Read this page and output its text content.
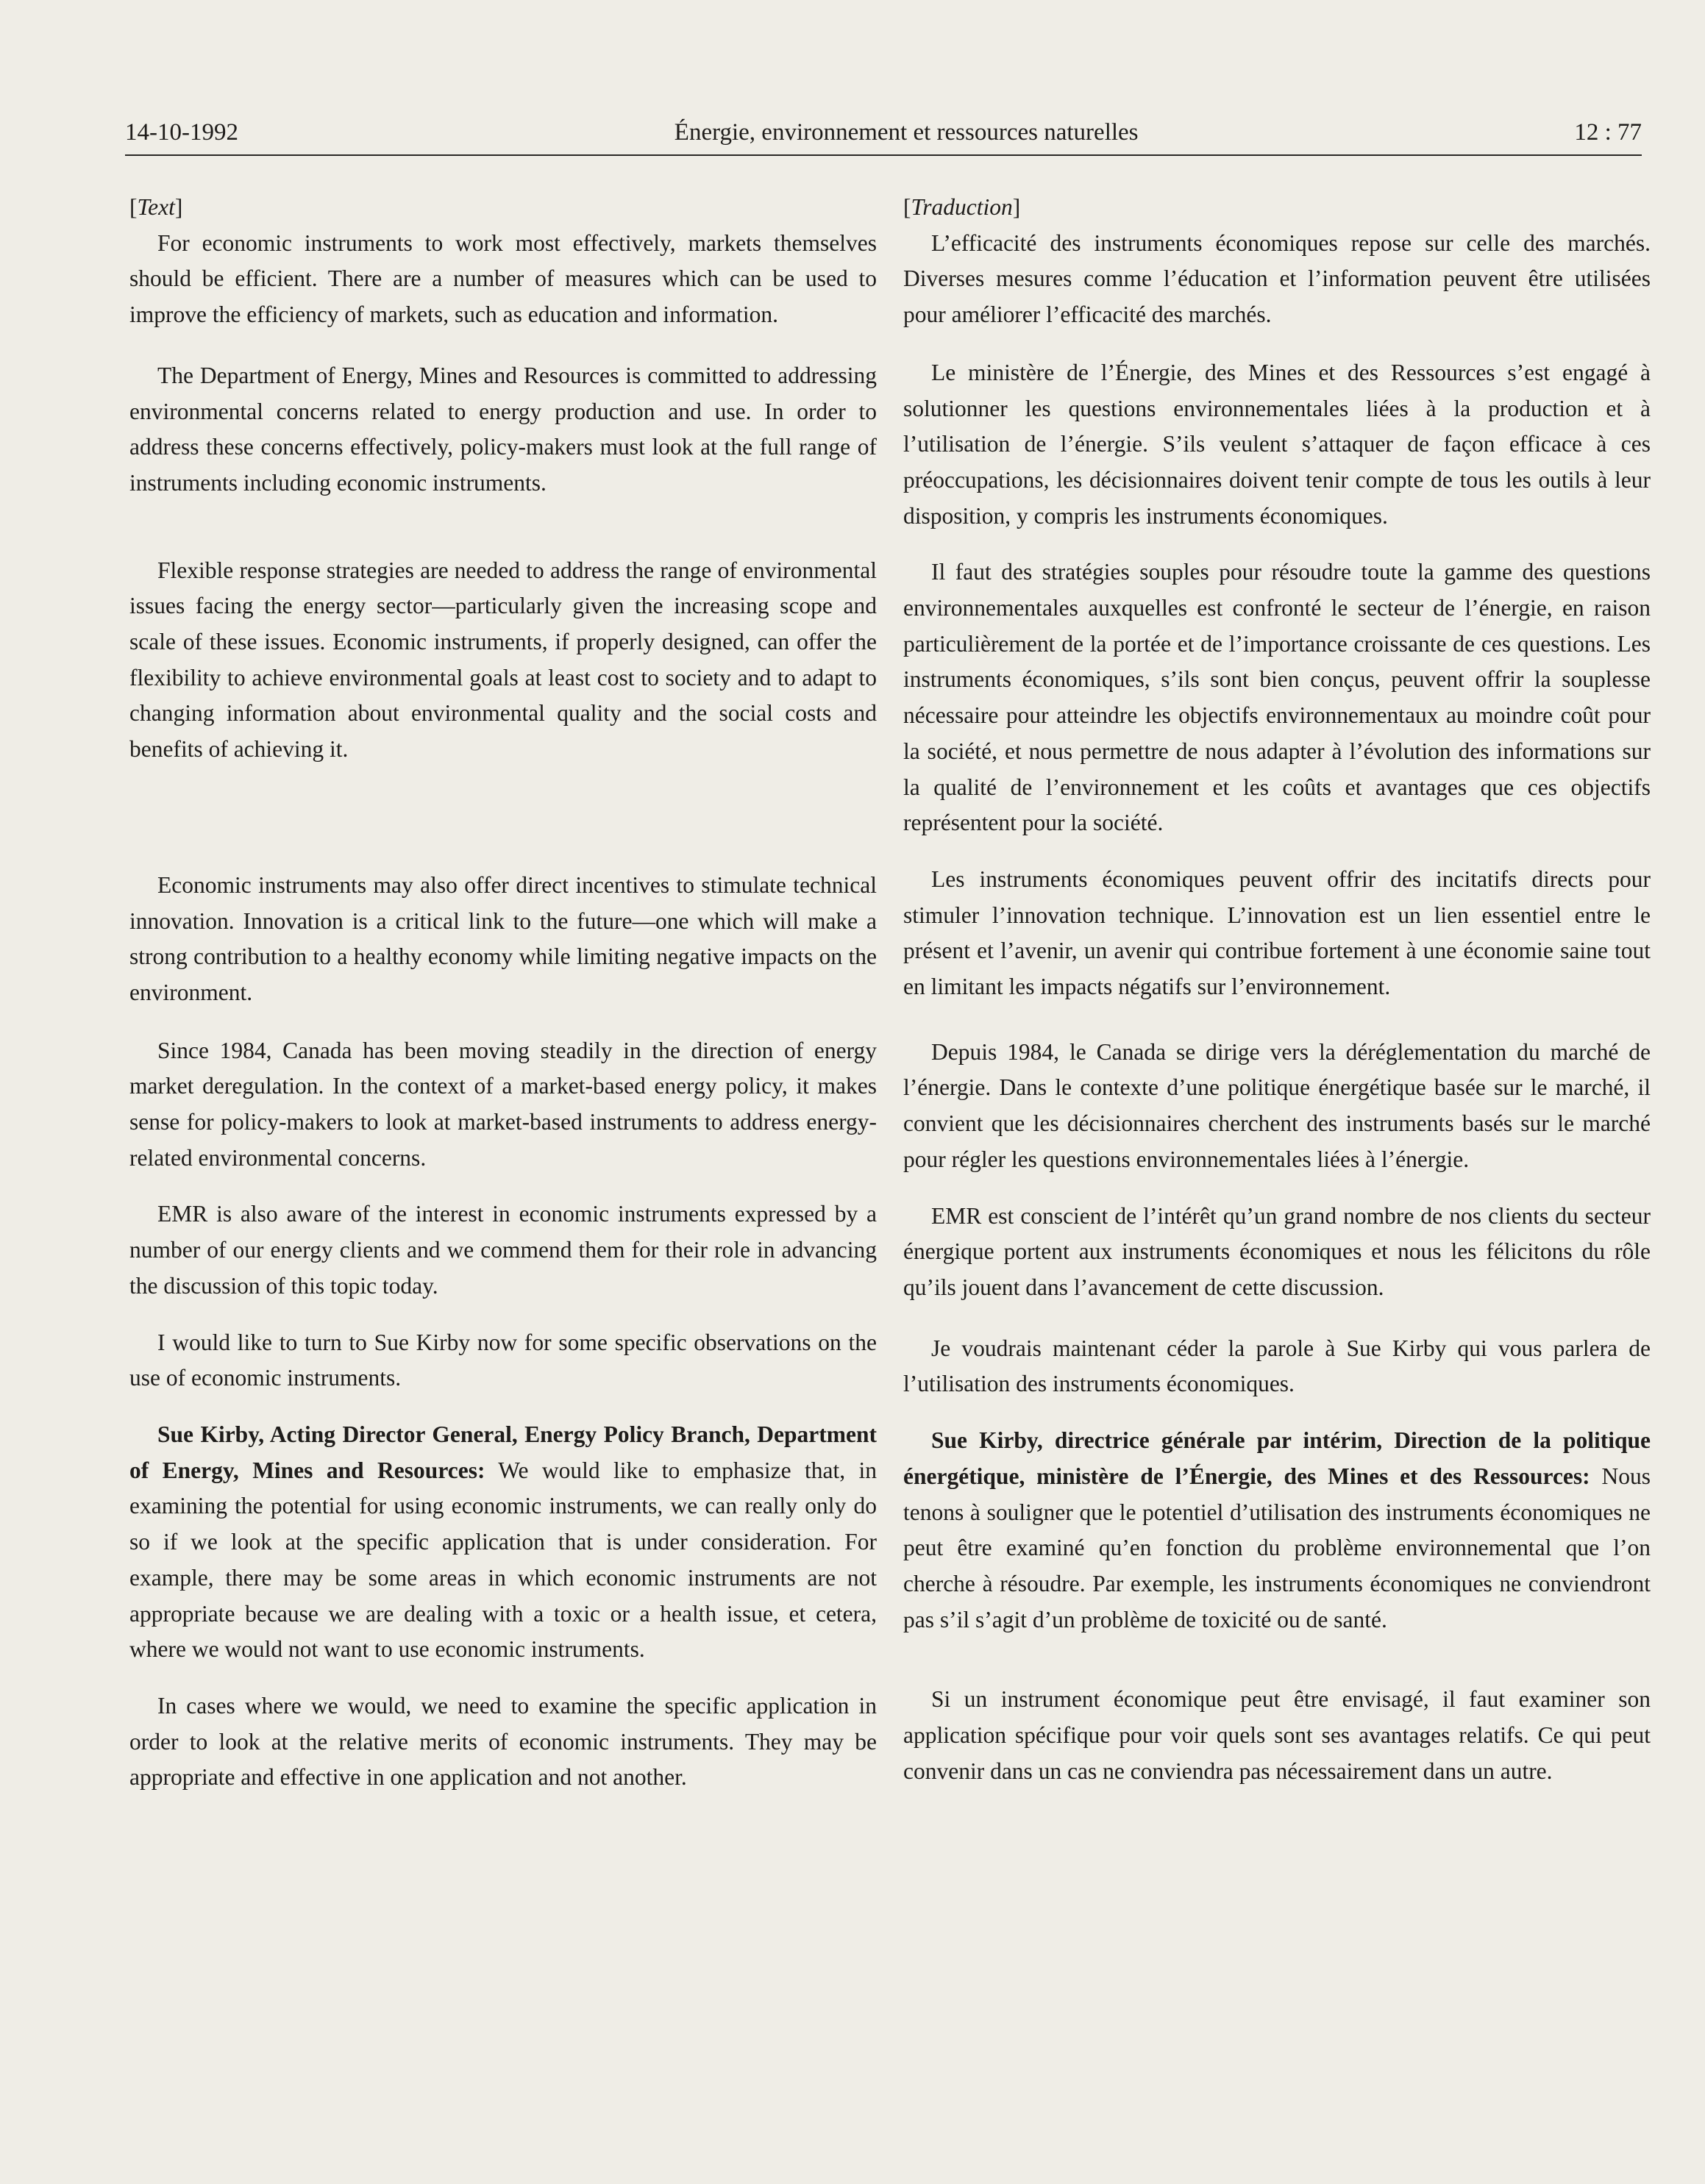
14-10-1992	Énergie, environnement et ressources naturelles	12 : 77

[Text]

For economic instruments to work most effectively, markets themselves should be efficient. There are a number of measures which can be used to improve the efficiency of markets, such as education and information.

The Department of Energy, Mines and Resources is committed to addressing environmental concerns related to energy production and use. In order to address these concerns effectively, policy-makers must look at the full range of instruments including economic instruments.

Flexible response strategies are needed to address the range of environmental issues facing the energy sector—particularly given the increasing scope and scale of these issues. Economic instruments, if properly designed, can offer the flexibility to achieve environmental goals at least cost to society and to adapt to changing information about environmental quality and the social costs and benefits of achieving it.

Economic instruments may also offer direct incentives to stimulate technical innovation. Innovation is a critical link to the future—one which will make a strong contribution to a healthy economy while limiting negative impacts on the environment.

Since 1984, Canada has been moving steadily in the direction of energy market deregulation. In the context of a market-based energy policy, it makes sense for policy-makers to look at market-based instruments to address energy-related environmental concerns.

EMR is also aware of the interest in economic instruments expressed by a number of our energy clients and we commend them for their role in advancing the discussion of this topic today.

I would like to turn to Sue Kirby now for some specific observations on the use of economic instruments.

Sue Kirby, Acting Director General, Energy Policy Branch, Department of Energy, Mines and Resources: We would like to emphasize that, in examining the potential for using economic instruments, we can really only do so if we look at the specific application that is under consideration. For example, there may be some areas in which economic instruments are not appropriate because we are dealing with a toxic or a health issue, et cetera, where we would not want to use economic instruments.

In cases where we would, we need to examine the specific application in order to look at the relative merits of economic instruments. They may be appropriate and effective in one application and not another.

[Traduction]

L’efficacité des instruments économiques repose sur celle des marchés. Diverses mesures comme l’éducation et l’information peuvent être utilisées pour améliorer l’efficacité des marchés.

Le ministère de l’Énergie, des Mines et des Ressources s’est engagé à solutionner les questions environnementales liées à la production et à l’utilisation de l’énergie. S’ils veulent s’attaquer de façon efficace à ces préoccupations, les décisionnaires doivent tenir compte de tous les outils à leur disposition, y compris les instruments économiques.

Il faut des stratégies souples pour résoudre toute la gamme des questions environnementales auxquelles est confronté le secteur de l’énergie, en raison particulièrement de la portée et de l’importance croissante de ces questions. Les instruments économiques, s’ils sont bien conçus, peuvent offrir la souplesse nécessaire pour atteindre les objectifs environnementaux au moindre coût pour la société, et nous permettre de nous adapter à l’évolution des informations sur la qualité de l’environnement et les coûts et avantages que ces objectifs représentent pour la société.

Les instruments économiques peuvent offrir des incitatifs directs pour stimuler l’innovation technique. L’innovation est un lien essentiel entre le présent et l’avenir, un avenir qui contribue fortement à une économie saine tout en limitant les impacts négatifs sur l’environnement.

Depuis 1984, le Canada se dirige vers la déréglementation du marché de l’énergie. Dans le contexte d’une politique énergétique basée sur le marché, il convient que les décisionnaires cherchent des instruments basés sur le marché pour régler les questions environnementales liées à l’énergie.

EMR est conscient de l’intérêt qu’un grand nombre de nos clients du secteur énergique portent aux instruments économiques et nous les félicitons du rôle qu’ils jouent dans l’avancement de cette discussion.

Je voudrais maintenant céder la parole à Sue Kirby qui vous parlera de l’utilisation des instruments économiques.

Sue Kirby, directrice générale par intérim, Direction de la politique énergétique, ministère de l’Énergie, des Mines et des Ressources: Nous tenons à souligner que le potentiel d’utilisation des instruments économiques ne peut être examiné qu’en fonction du problème environnemental que l’on cherche à résoudre. Par exemple, les instruments économiques ne conviendront pas s’il s’agit d’un problème de toxicité ou de santé.

Si un instrument économique peut être envisagé, il faut examiner son application spécifique pour voir quels sont ses avantages relatifs. Ce qui peut convenir dans un cas ne conviendra pas nécessairement dans un autre.
